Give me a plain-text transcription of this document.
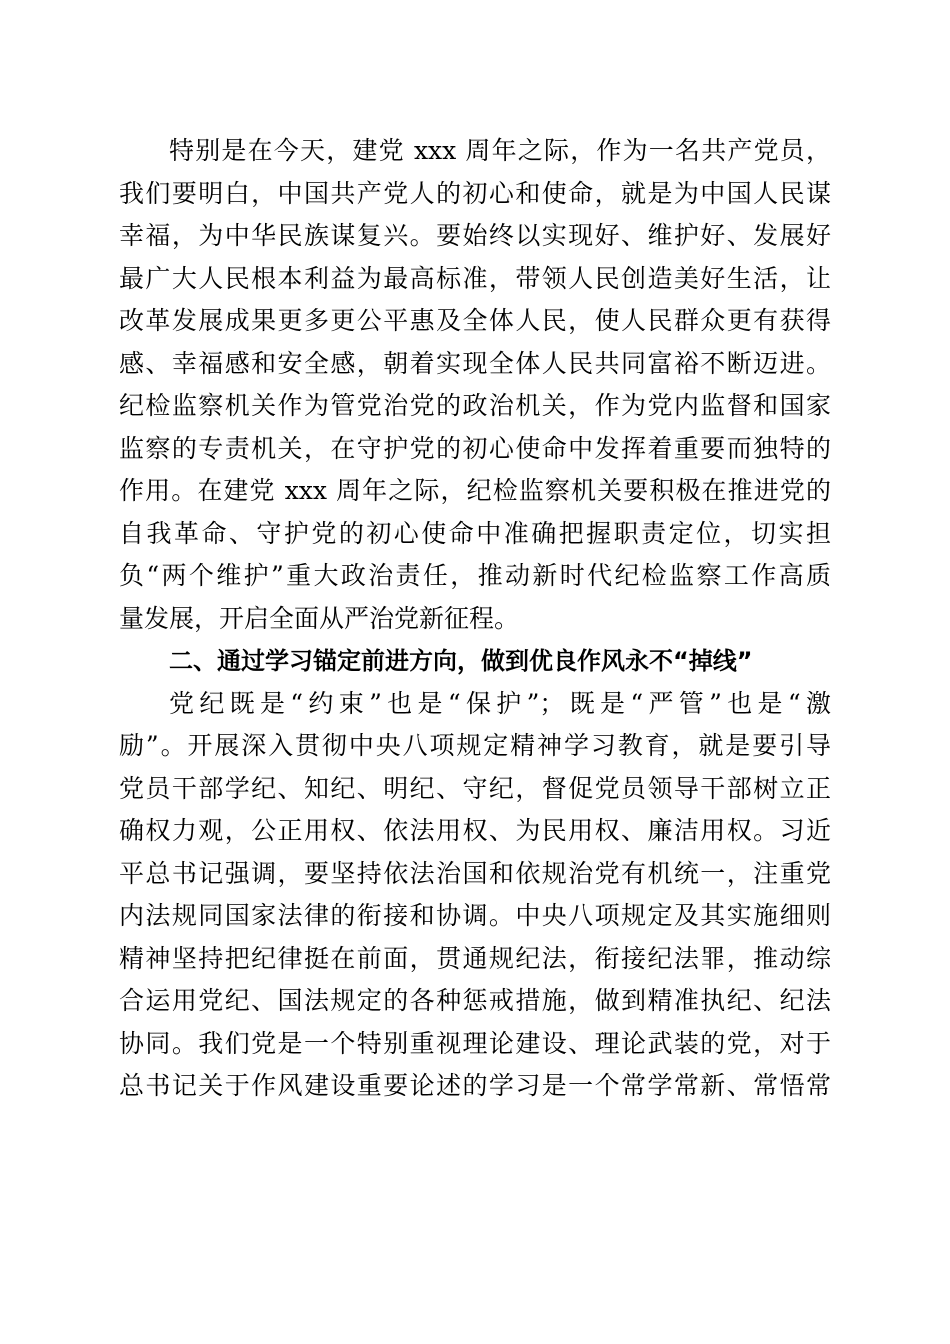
特别是在今天，建党 xxx 周年之际，作为一名共产党员，
我们要明白，中国共产党人的初心和使命，就是为中国人民谋
幸福，为中华民族谋复兴。要始终以实现好、维护好、发展好
最广大人民根本利益为最高标准，带领人民创造美好生活，让
改革发展成果更多更公平惠及全体人民，使人民群众更有获得
感、幸福感和安全感，朝着实现全体人民共同富裕不断迈进。
纪检监察机关作为管党治党的政治机关，作为党内监督和国家
监察的专责机关，在守护党的初心使命中发挥着重要而独特的
作用。在建党 xxx 周年之际，纪检监察机关要积极在推进党的
自我革命、守护党的初心使命中准确把握职责定位，切实担
负“两个维护”重大政治责任，推动新时代纪检监察工作高质
量发展，开启全面从严治党新征程。
二、通过学习锚定前进方向，做到优良作风永不“掉线”
党纪既是“约束”也是“保护”；既是“严管”也是“激
励”。开展深入贯彻中央八项规定精神学习教育，就是要引导
党员干部学纪、知纪、明纪、守纪，督促党员领导干部树立正
确权力观，公正用权、依法用权、为民用权、廉洁用权。习近
平总书记强调，要坚持依法治国和依规治党有机统一，注重党
内法规同国家法律的衔接和协调。中央八项规定及其实施细则
精神坚持把纪律挺在前面，贯通规纪法，衔接纪法罪，推动综
合运用党纪、国法规定的各种惩戒措施，做到精准执纪、纪法
协同。我们党是一个特别重视理论建设、理论武装的党，对于
总书记关于作风建设重要论述的学习是一个常学常新、常悟常
